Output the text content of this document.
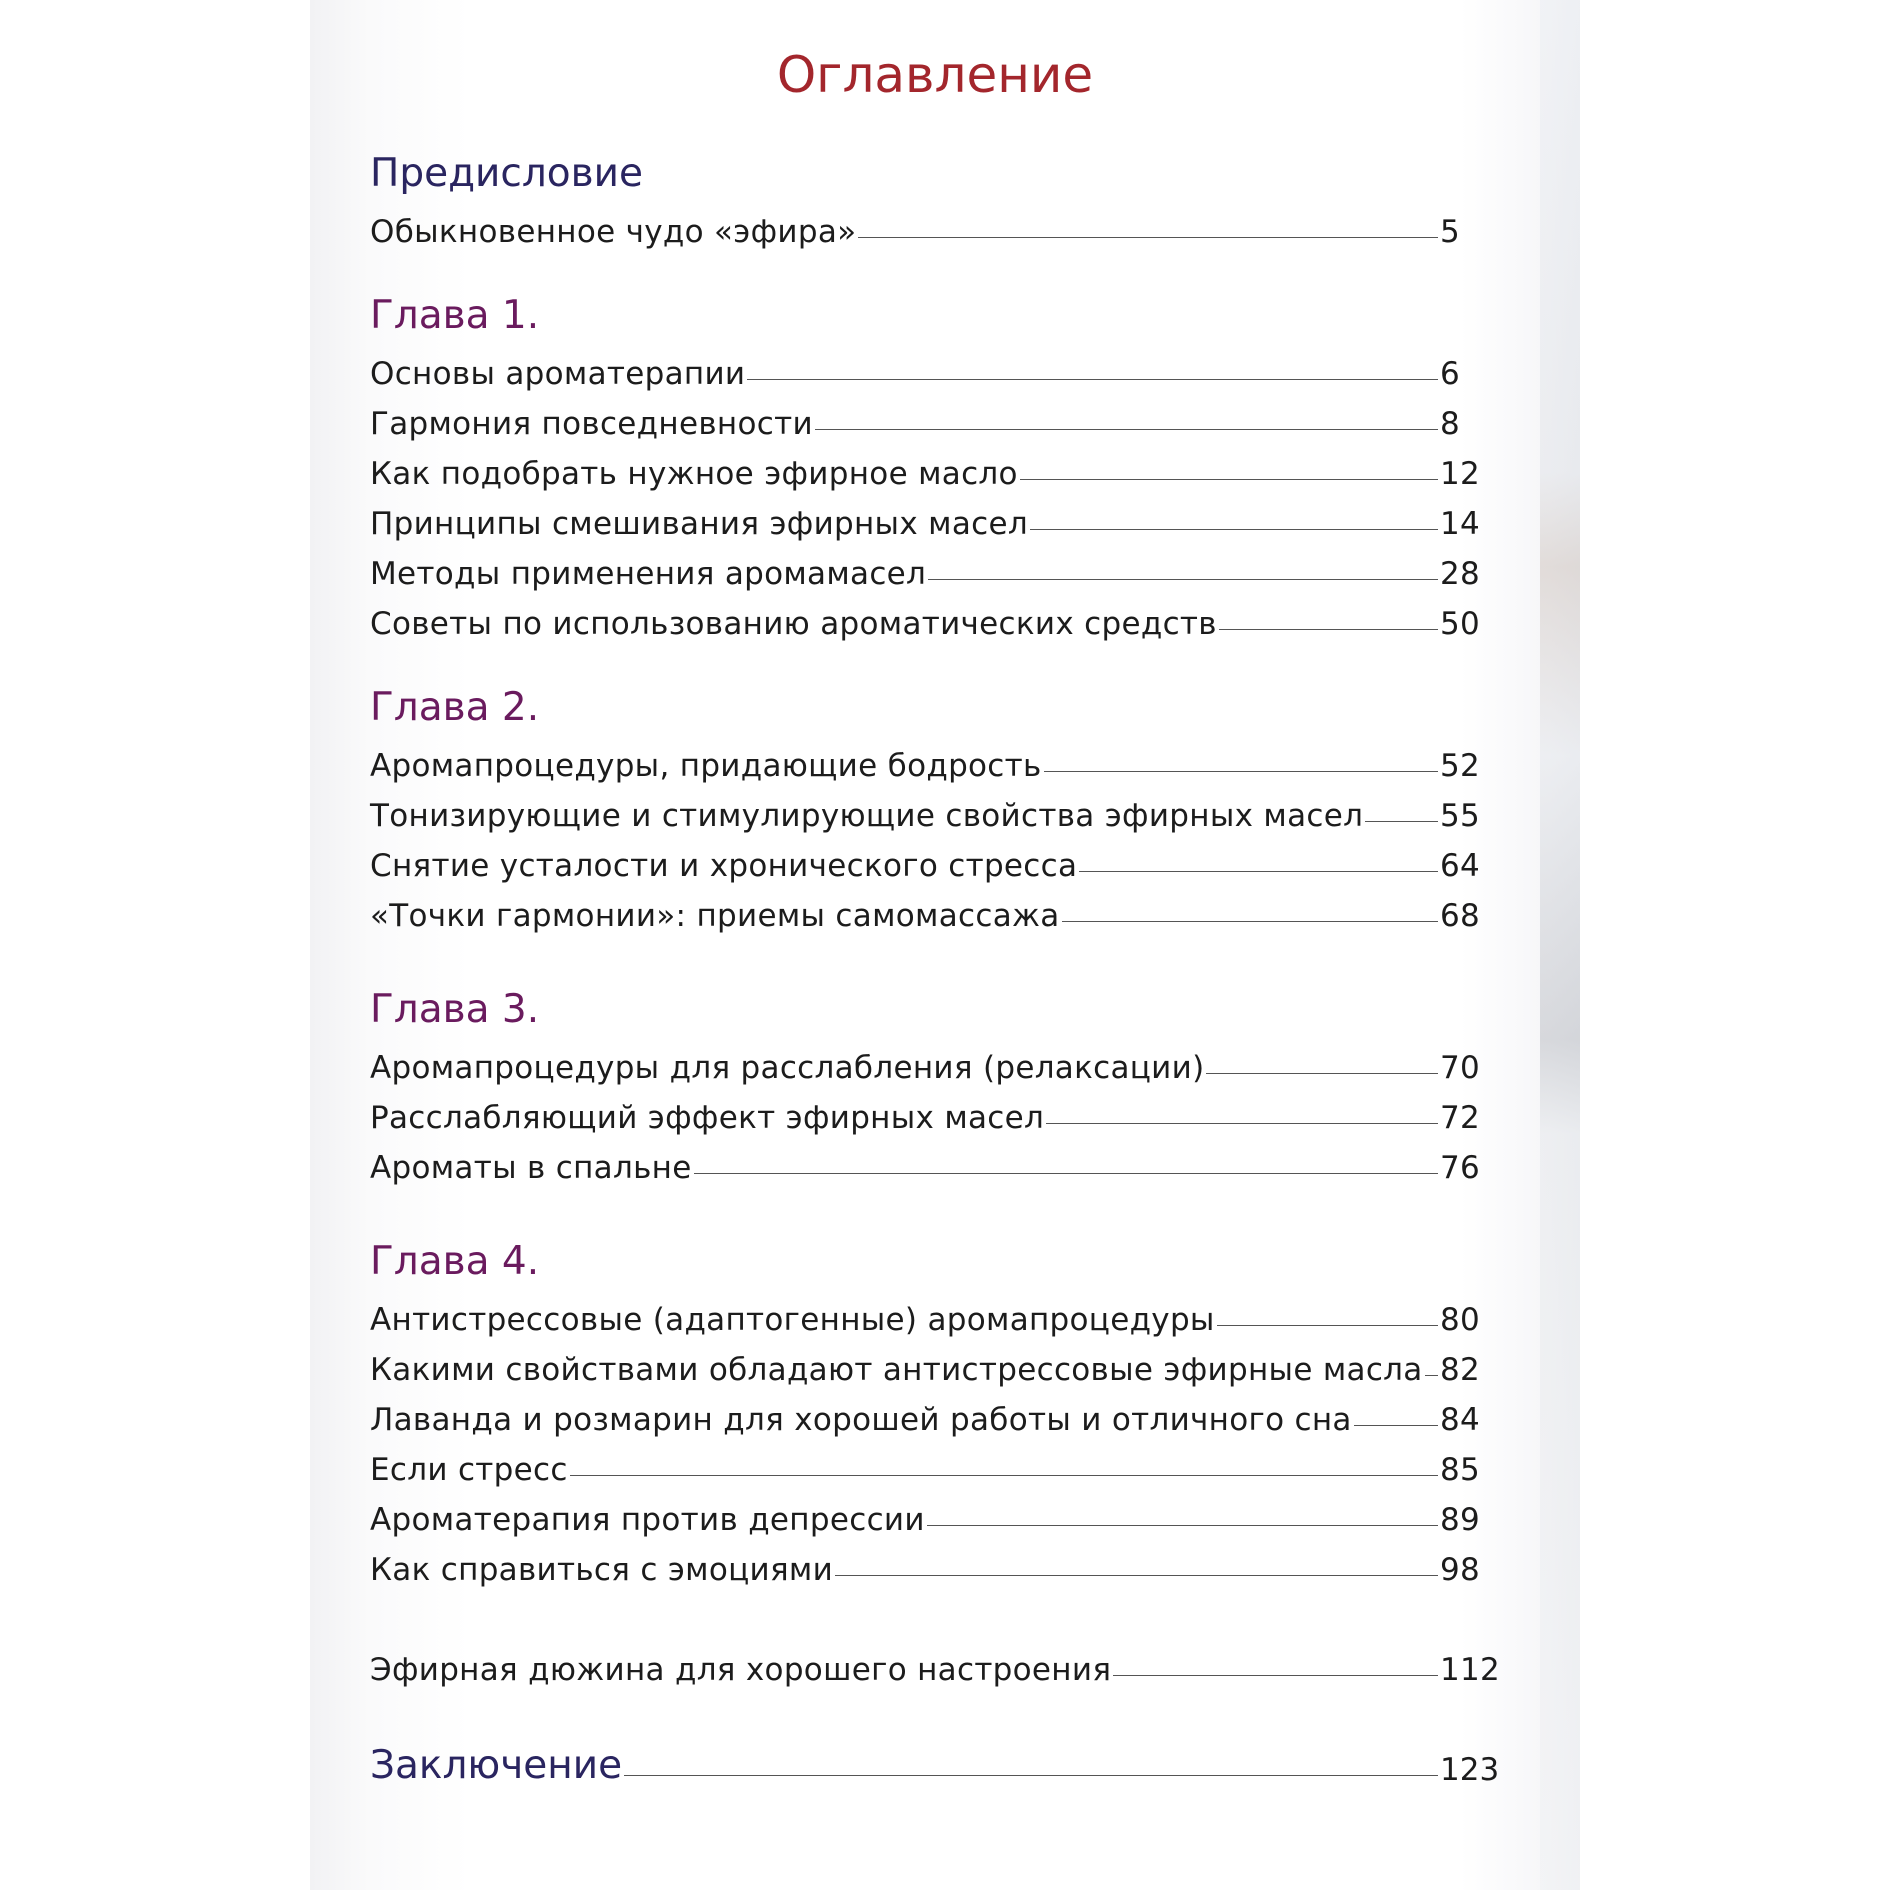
Оглавление
Предисловие
Обыкновенное чудо «эфира»	5
Глава 1.
Основы ароматерапии	6
Гармония повседневности	8
Как подобрать нужное эфирное масло	12
Принципы смешивания эфирных масел	14
Методы применения аромамасел	28
Советы по использованию ароматических средств	50
Глава 2.
Аромапроцедуры, придающие бодрость	52
Тонизирующие и стимулирующие свойства эфирных масел 55
Снятие усталости и хронического стресса	64
«Точки гармонии»: приемы самомассажа	68
Глава 3.
Аромапроцедуры для расслабления (релаксации)	70
Расслабляющий эффект эфирных масел	72
Ароматы в спальне	76
Глава 4.
Антистрессовые (адаптогенные) аромапроцедуры	80
Какими свойствами обладают антистрессовые эфирные масла 82
Лаванда и розмарин для хорошей работы и отличного сна	84
Если стресс	85
Ароматерапия против депрессии	89
Как справиться с эмоциями	98
Эфирная дюжина для хорошего настроения	112
Заключение	123
